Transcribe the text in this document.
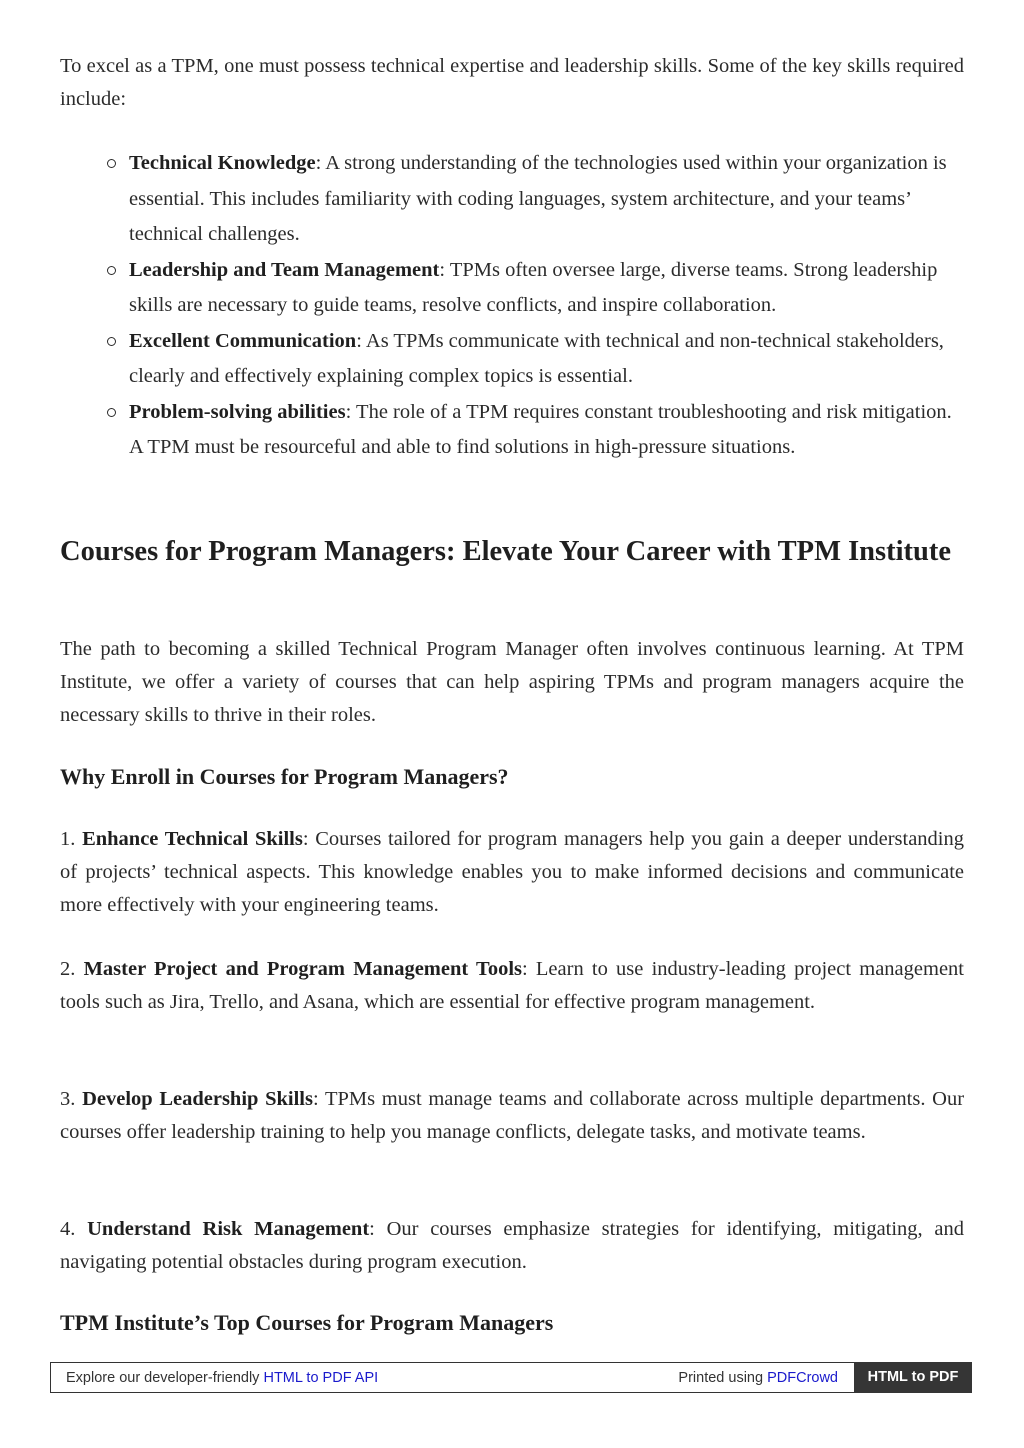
To excel as a TPM, one must possess technical expertise and leadership skills. Some of the key skills required include:

Technical Knowledge: A strong understanding of the technologies used within your organization is essential. This includes familiarity with coding languages, system architecture, and your teams’ technical challenges.
Leadership and Team Management: TPMs often oversee large, diverse teams. Strong leadership skills are necessary to guide teams, resolve conflicts, and inspire collaboration.
Excellent Communication: As TPMs communicate with technical and non-technical stakeholders, clearly and effectively explaining complex topics is essential.
Problem-solving abilities: The role of a TPM requires constant troubleshooting and risk mitigation. A TPM must be resourceful and able to find solutions in high-pressure situations.
Courses for Program Managers: Elevate Your Career with TPM Institute

The path to becoming a skilled Technical Program Manager often involves continuous learning. At TPM Institute, we offer a variety of courses that can help aspiring TPMs and program managers acquire the necessary skills to thrive in their roles.

Why Enroll in Courses for Program Managers?

1. Enhance Technical Skills: Courses tailored for program managers help you gain a deeper understanding of projects’ technical aspects. This knowledge enables you to make informed decisions and communicate more effectively with your engineering teams.

2. Master Project and Program Management Tools: Learn to use industry-leading project management tools such as Jira, Trello, and Asana, which are essential for effective program management.

3. Develop Leadership Skills: TPMs must manage teams and collaborate across multiple departments. Our courses offer leadership training to help you manage conflicts, delegate tasks, and motivate teams.

4. Understand Risk Management: Our courses emphasize strategies for identifying, mitigating, and navigating potential obstacles during program execution.

TPM Institute’s Top Courses for Program Managers
Explore our developer-friendly HTML to PDF API	Printed using PDFCrowd	HTML to PDF
